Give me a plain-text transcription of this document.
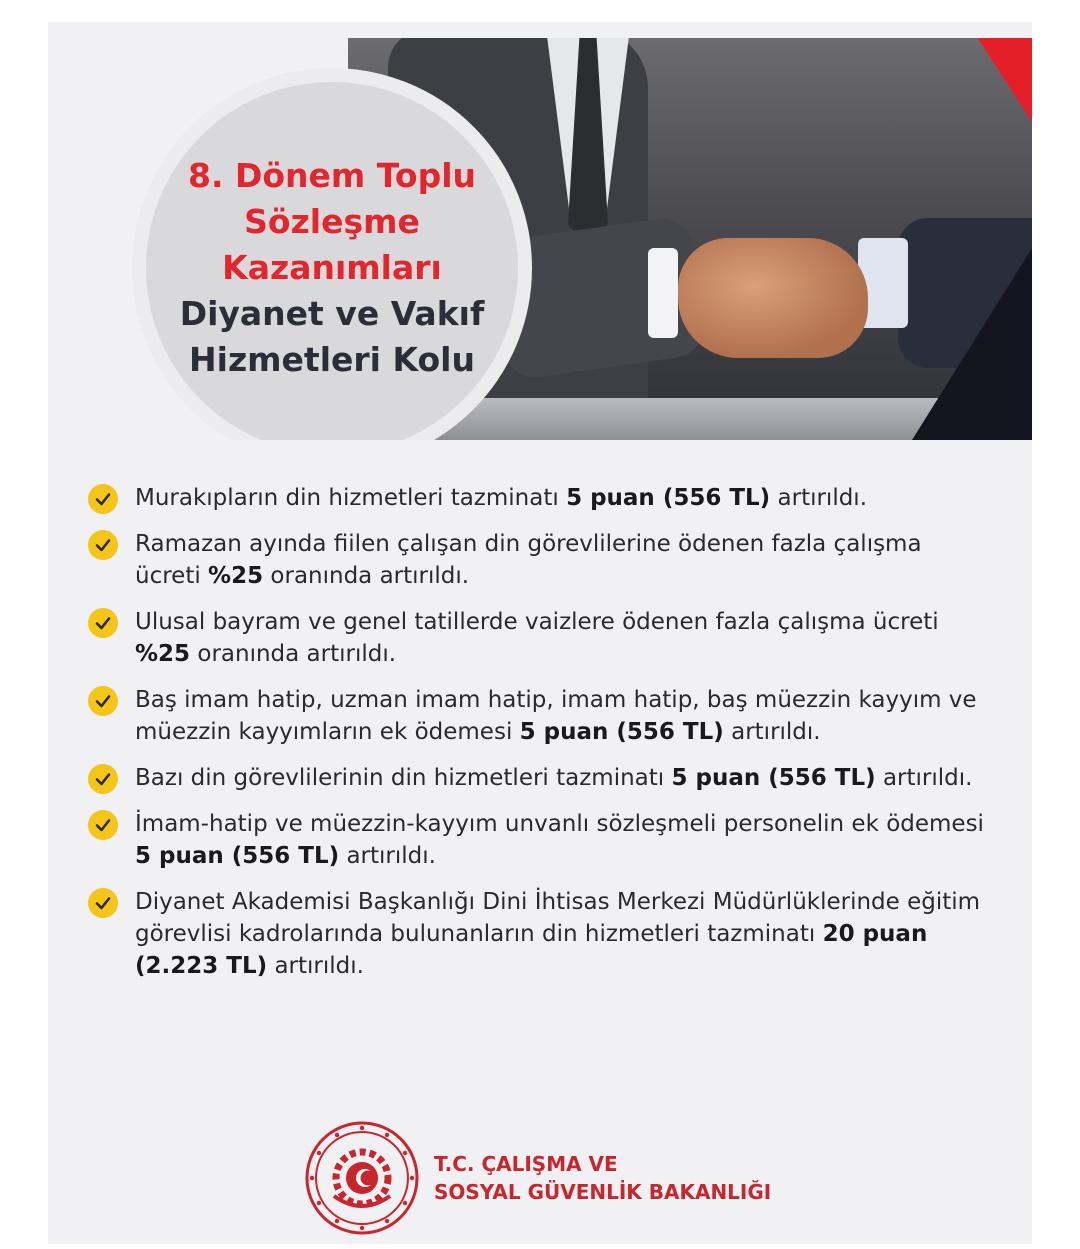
8. Dönem Toplu
Sözleşme
Kazanımları
Diyanet ve Vakıf
Hizmetleri Kolu
Murakıpların din hizmetleri tazminatı 5 puan (556 TL) artırıldı.
Ramazan ayında fiilen çalışan din görevlilerine ödenen fazla çalışma ücreti %25 oranında artırıldı.
Ulusal bayram ve genel tatillerde vaizlere ödenen fazla çalışma ücreti %25 oranında artırıldı.
Baş imam hatip, uzman imam hatip, imam hatip, baş müezzin kayyım ve müezzin kayyımların ek ödemesi 5 puan (556 TL) artırıldı.
Bazı din görevlilerinin din hizmetleri tazminatı 5 puan (556 TL) artırıldı.
İmam-hatip ve müezzin-kayyım unvanlı sözleşmeli personelin ek ödemesi 5 puan (556 TL) artırıldı.
Diyanet Akademisi Başkanlığı Dini İhtisas Merkezi Müdürlüklerinde eğitim görevlisi kadrolarında bulunanların din hizmetleri tazminatı 20 puan (2.223 TL) artırıldı.
T.C. ÇALIŞMA VE
SOSYAL GÜVENLİK BAKANLIĞI
